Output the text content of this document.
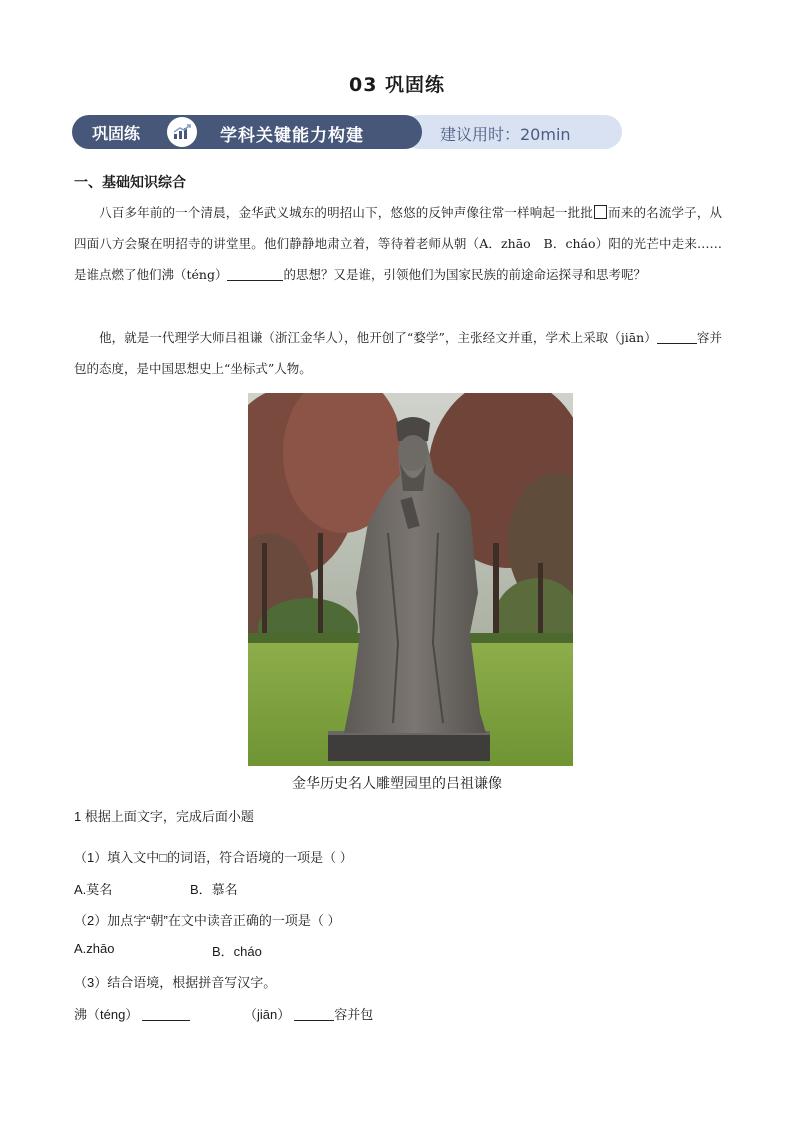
03 巩固练
巩固练	学科关键能力构建	建议用时：20min
一、基础知识综合

八百多年前的一个清晨，金华武义城东的明招山下，悠悠的反钟声像往常一样响起一批批 而来的名流学子，从四面八方会聚在明招寺的讲堂里。他们静静地肃立着，等待着老师从朝（A．zhāo　B．cháo）阳的光芒中走来……是谁点燃了他们沸（téng）	的思想？又是谁，引领他们为国家民族的前途命运探寻和思考呢？

他，就是一代理学大师吕祖谦（浙江金华人），他开创了“婺学”，主张经文并重，学术上采取（jiān）	容并包的态度，是中国思想史上“坐标式”人物。

金华历史名人雕塑园里的吕祖谦像
1 根据上面文字，完成后面小题
（1）填入文中□的词语，符合语境的一项是（ ）
A.莫名	B．慕名
（2）加点字“朝”在文中读音正确的一项是（ ）
A.zhāo	B．cháo
（3）结合语境，根据拼音写汉字。
沸（téng）	（jiān）	容并包
